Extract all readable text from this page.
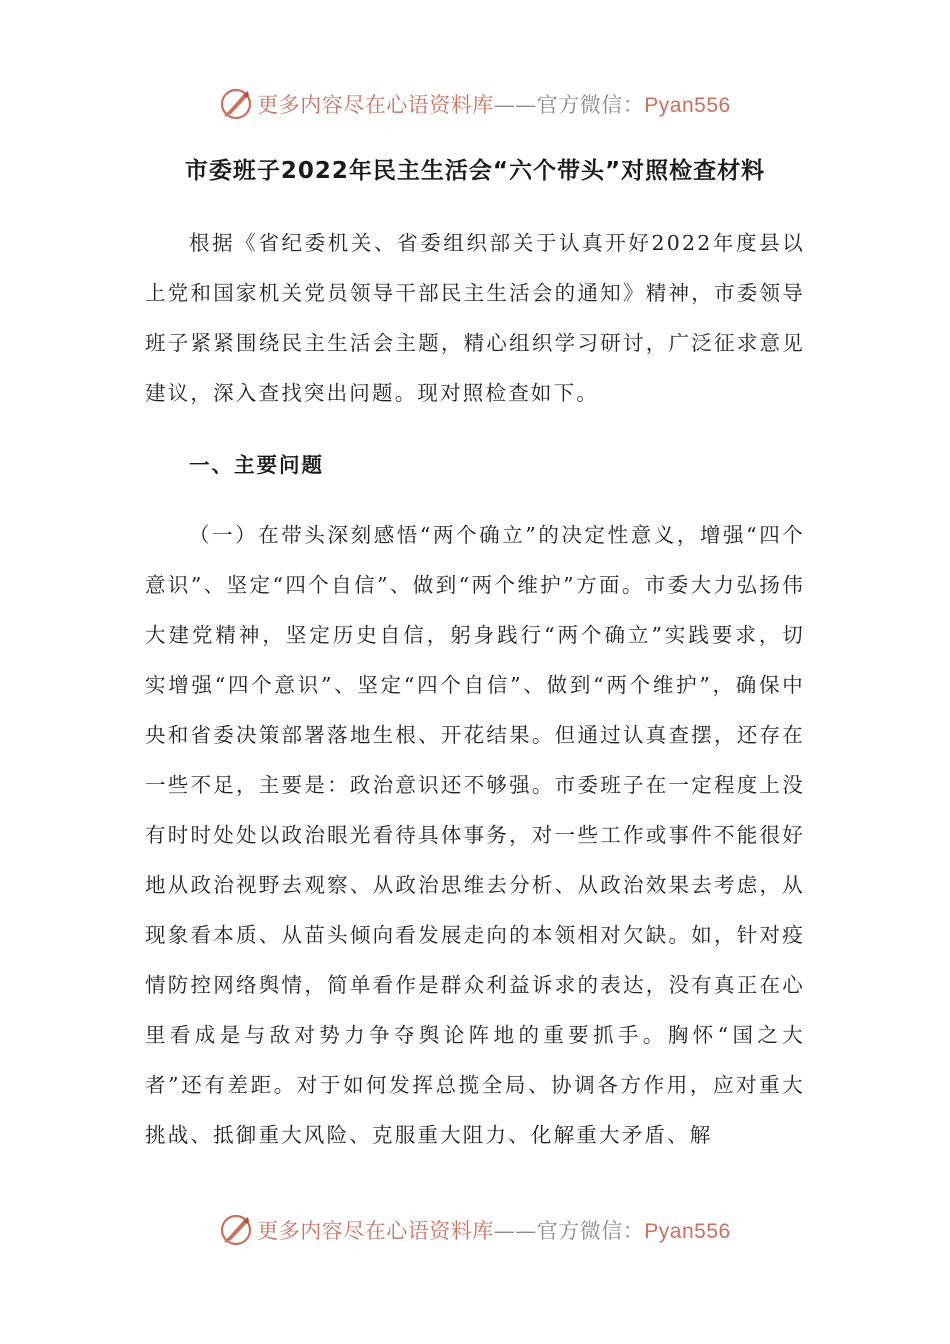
更多内容尽在心语资料库——官方微信：Pyan556
市委班子2022年民主生活会“六个带头”对照检查材料

根据《省纪委机关、省委组织部关于认真开好2022年度县以上党和国家机关党员领导干部民主生活会的通知》精神，市委领导班子紧紧围绕民主生活会主题，精心组织学习研讨，广泛征求意见建议，深入查找突出问题。现对照检查如下。

一、主要问题

（一）在带头深刻感悟“两个确立”的决定性意义，增强“四个意识”、坚定“四个自信”、做到“两个维护”方面。市委大力弘扬伟大建党精神，坚定历史自信，躬身践行“两个确立”实践要求，切实增强“四个意识”、坚定“四个自信”、做到“两个维护”，确保中央和省委决策部署落地生根、开花结果。但通过认真查摆，还存在一些不足，主要是：政治意识还不够强。市委班子在一定程度上没有时时处处以政治眼光看待具体事务，对一些工作或事件不能很好地从政治视野去观察、从政治思维去分析、从政治效果去考虑，从现象看本质、从苗头倾向看发展走向的本领相对欠缺。如，针对疫情防控网络舆情，简单看作是群众利益诉求的表达，没有真正在心里看成是与敌对势力争夺舆论阵地的重要抓手。胸怀“国之大者”还有差距。对于如何发挥总揽全局、协调各方作用，应对重大挑战、抵御重大风险、克服重大阻力、化解重大矛盾、解

更多内容尽在心语资料库——官方微信：Pyan556
